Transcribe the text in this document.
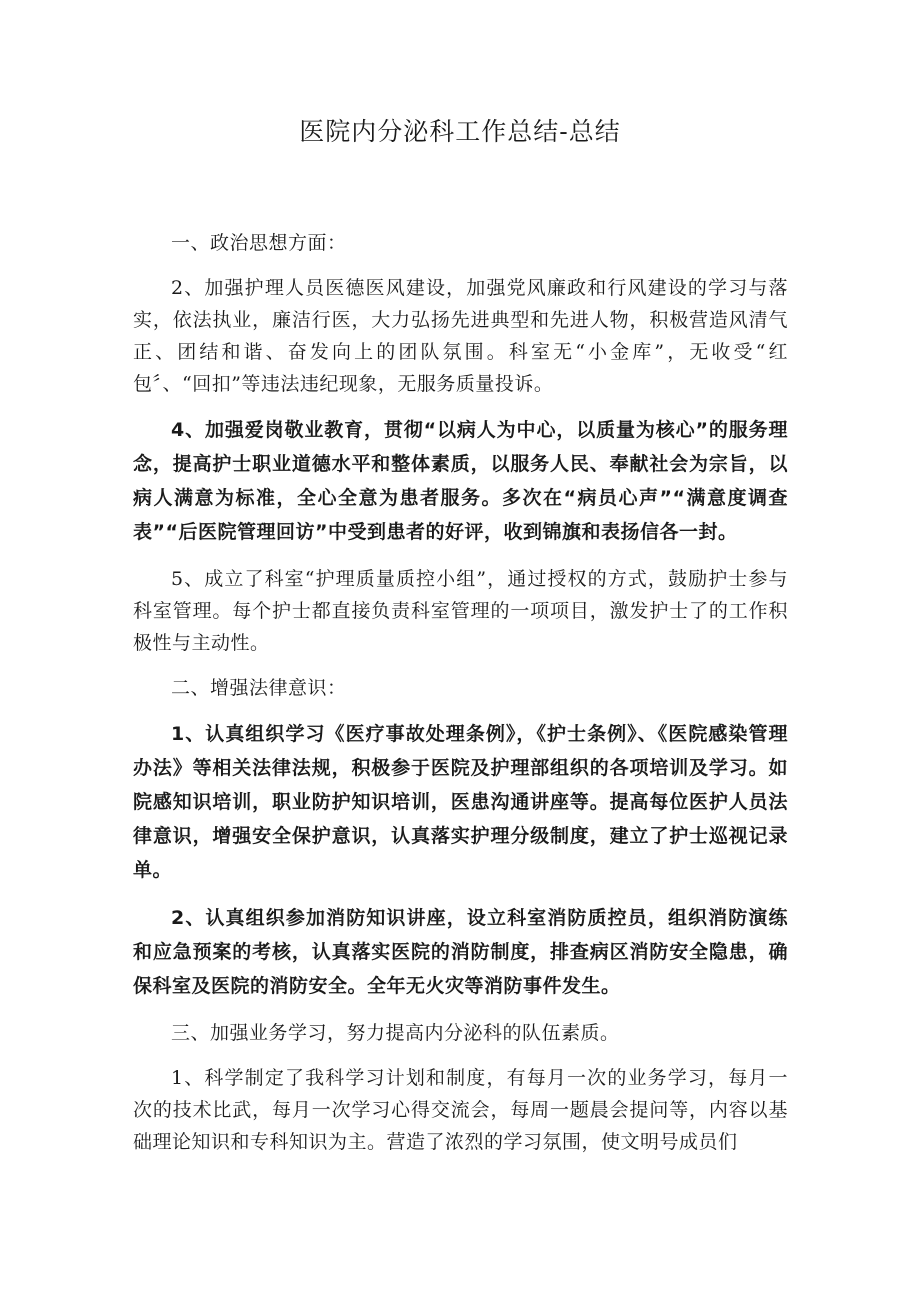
医院内分泌科工作总结-总结

一、政治思想方面：

2、加强护理人员医德医风建设，加强党风廉政和行风建设的学习与落实，依法执业，廉洁行医，大力弘扬先进典型和先进人物，积极营造风清气正、团结和谐、奋发向上的团队氛围。科室无“小金库”，无收受“红包〞、“回扣”等违法违纪现象，无服务质量投诉。

4、加强爱岗敬业教育，贯彻“以病人为中心，以质量为核心”的服务理念，提高护士职业道德水平和整体素质，以服务人民、奉献社会为宗旨，以病人满意为标准，全心全意为患者服务。多次在“病员心声”“满意度调查表”“后医院管理回访”中受到患者的好评，收到锦旗和表扬信各一封。

5、成立了科室“护理质量质控小组”，通过授权的方式，鼓励护士参与科室管理。每个护士都直接负责科室管理的一项项目，激发护士了的工作积极性与主动性。

二、增强法律意识：

1、认真组织学习《医疗事故处理条例》，《护士条例》、《医院感染管理办法》等相关法律法规，积极参于医院及护理部组织的各项培训及学习。如院感知识培训，职业防护知识培训，医患沟通讲座等。提高每位医护人员法律意识，增强安全保护意识，认真落实护理分级制度，建立了护士巡视记录单。

2、认真组织参加消防知识讲座，设立科室消防质控员，组织消防演练和应急预案的考核，认真落实医院的消防制度，排查病区消防安全隐患，确保科室及医院的消防安全。全年无火灾等消防事件发生。

三、加强业务学习，努力提高内分泌科的队伍素质。

1、科学制定了我科学习计划和制度，有每月一次的业务学习，每月一次的技术比武，每月一次学习心得交流会，每周一题晨会提问等，内容以基础理论知识和专科知识为主。营造了浓烈的学习氛围，使文明号成员们
